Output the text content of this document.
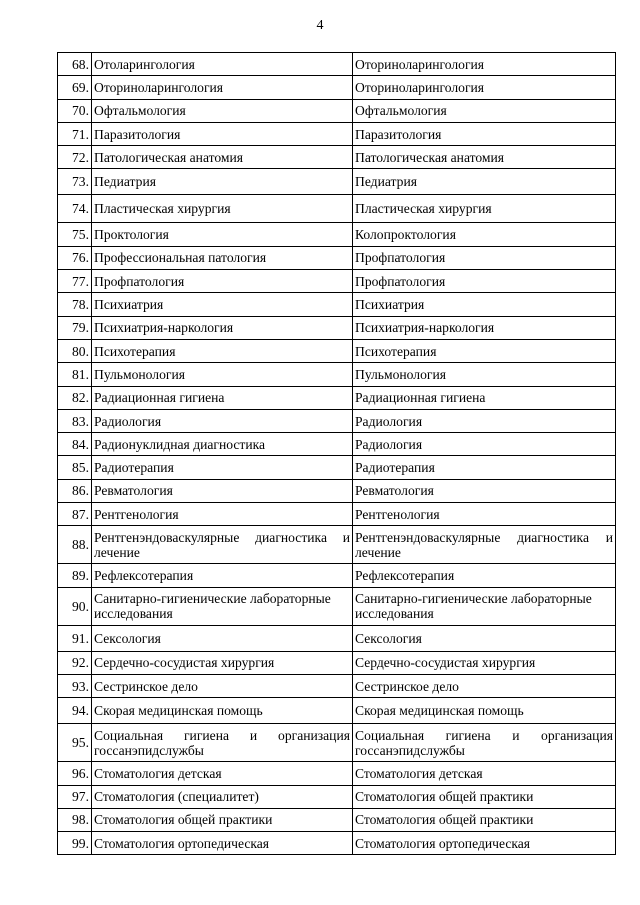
4
68.	Отоларингология	Оториноларингология
69.	Оториноларингология	Оториноларингология
70.	Офтальмология	Офтальмология
71.	Паразитология	Паразитология
72.	Патологическая анатомия	Патологическая анатомия
73.	Педиатрия	Педиатрия
74.	Пластическая хирургия	Пластическая хирургия
75.	Проктология	Колопроктология
76.	Профессиональная патология	Профпатология
77.	Профпатология	Профпатология
78.	Психиатрия	Психиатрия
79.	Психиатрия-наркология	Психиатрия-наркология
80.	Психотерапия	Психотерапия
81.	Пульмонология	Пульмонология
82.	Радиационная гигиена	Радиационная гигиена
83.	Радиология	Радиология
84.	Радионуклидная диагностика	Радиология
85.	Радиотерапия	Радиотерапия
86.	Ревматология	Ревматология
87.	Рентгенология	Рентгенология
88.	Рентгенэндоваскулярные диагностика и лечение	Рентгенэндоваскулярные диагностика и лечение
89.	Рефлексотерапия	Рефлексотерапия
90.	Санитарно-гигиенические лабораторные исследования	Санитарно-гигиенические лабораторные исследования
91.	Сексология	Сексология
92.	Сердечно-сосудистая хирургия	Сердечно-сосудистая хирургия
93.	Сестринское дело	Сестринское дело
94.	Скорая медицинская помощь	Скорая медицинская помощь
95.	Социальная гигиена и организация госсанэпидслужбы	Социальная гигиена и организация госсанэпидслужбы
96.	Стоматология детская	Стоматология детская
97.	Стоматология (специалитет)	Стоматология общей практики
98.	Стоматология общей практики	Стоматология общей практики
99.	Стоматология ортопедическая	Стоматология ортопедическая
